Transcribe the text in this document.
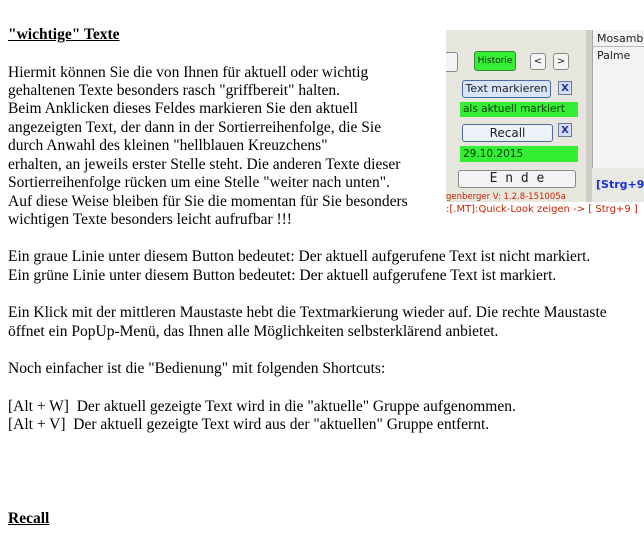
"wichtige" Texte
Hiermit können Sie die von Ihnen für aktuell oder wichtig
gehaltenen Texte besonders rasch "griffbereit" halten.
Beim Anklicken dieses Feldes markieren Sie den aktuell
angezeigten Text, der dann in der Sortierreihenfolge, die Sie
durch Anwahl des kleinen "hellblauen Kreuzchens"
erhalten, an jeweils erster Stelle steht. Die anderen Texte dieser
Sortierreihenfolge rücken um eine Stelle "weiter nach unten".
Auf diese Weise bleiben für Sie die momentan für Sie besonders
wichtigen Texte besonders leicht aufrufbar !!!
Ein graue Linie unter diesem Button bedeutet: Der aktuell aufgerufene Text ist nicht markiert.
Ein grüne Linie unter diesem Button bedeutet: Der aktuell aufgerufene Text ist markiert.
Ein Klick mit der mittleren Maustaste hebt die Textmarkierung wieder auf. Die rechte Maustaste
öffnet ein PopUp-Menü, das Ihnen alle Möglichkeiten selbsterklärend anbietet.
Noch einfacher ist die "Bedienung" mit folgenden Shortcuts:
[Alt + W]  Der aktuell gezeigte Text wird in die "aktuelle" Gruppe aufgenommen.
[Alt + V]  Der aktuell gezeigte Text wird aus der "aktuellen" Gruppe entfernt.
Recall
Historie	<	>
Text markieren	X
als aktuell markiert
Recall	X
29.10.2015
E n d e
Mosamb
Palme
[Strg+9
genberger V: 1.2.8-151005a
:[.MT]:Quick-Look zeigen -> [ Strg+9 ]
